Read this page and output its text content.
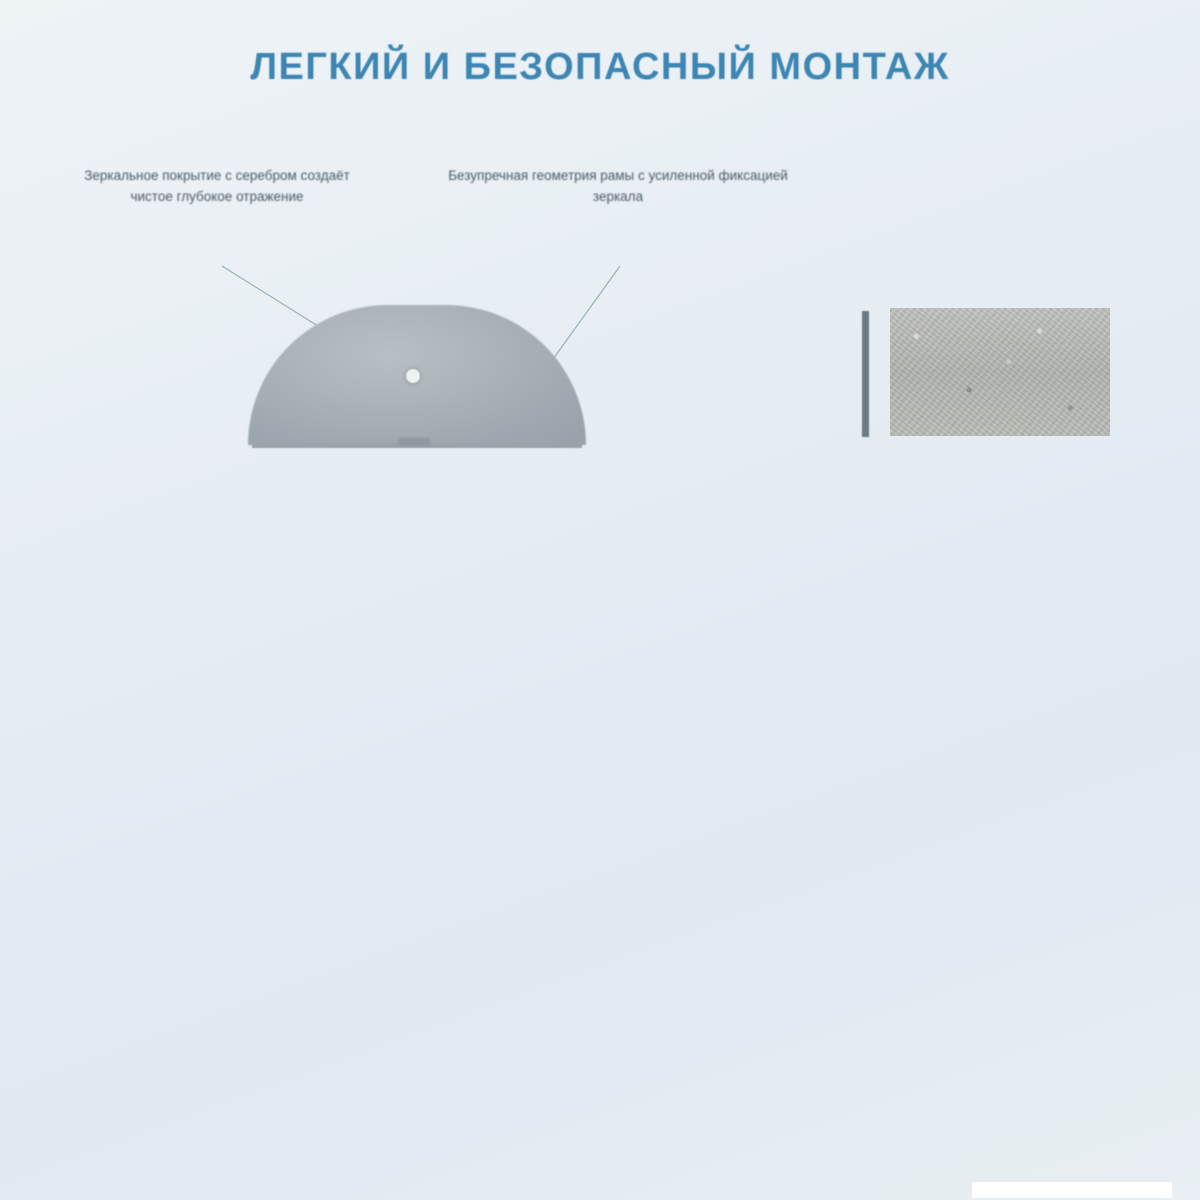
ЛЕГКИЙ И БЕЗОПАСНЫЙ МОНТАЖ
Зеркальное покрытие с серебром создаёт чистое глубокое отражение
Безупречная геометрия рамы с усиленной фиксацией зеркала
